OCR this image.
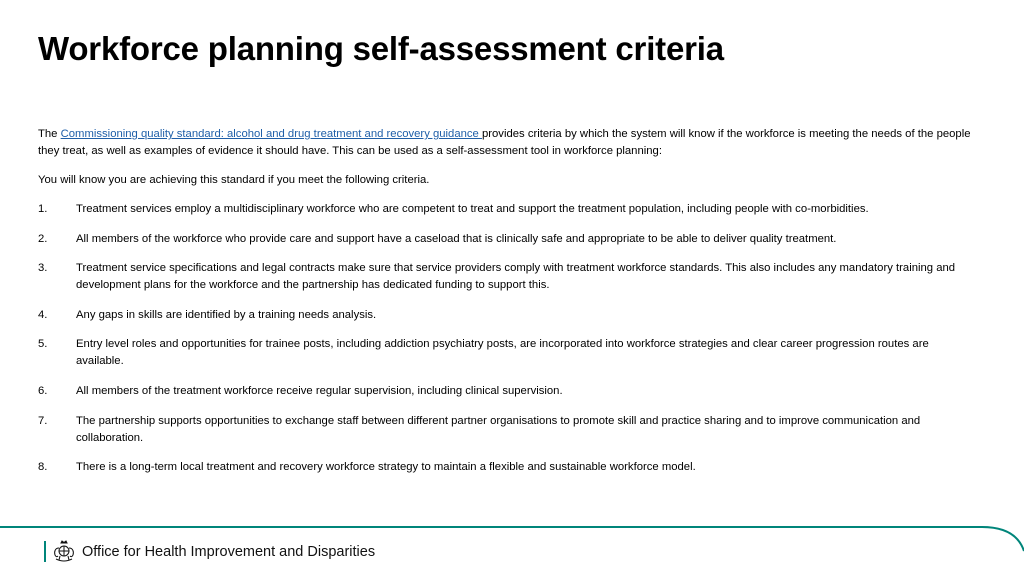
Workforce planning self-assessment criteria

The Commissioning quality standard: alcohol and drug treatment and recovery guidance provides criteria by which the system will know if the workforce is meeting the needs of the people they treat, as well as examples of evidence it should have. This can be used as a self-assessment tool in workforce planning:

You will know you are achieving this standard if you meet the following criteria.

1.	Treatment services employ a multidisciplinary workforce who are competent to treat and support the treatment population, including people with co-morbidities.
2.	All members of the workforce who provide care and support have a caseload that is clinically safe and appropriate to be able to deliver quality treatment.
3.	Treatment service specifications and legal contracts make sure that service providers comply with treatment workforce standards. This also includes any mandatory training and development plans for the workforce and the partnership has dedicated funding to support this.
4.	Any gaps in skills are identified by a training needs analysis.
5.	Entry level roles and opportunities for trainee posts, including addiction psychiatry posts, are incorporated into workforce strategies and clear career progression routes are available.
6.	All members of the treatment workforce receive regular supervision, including clinical supervision.
7.	The partnership supports opportunities to exchange staff between different partner organisations to promote skill and practice sharing and to improve communication and collaboration.
8.	There is a long-term local treatment and recovery workforce strategy to maintain a flexible and sustainable workforce model.
Office for Health Improvement and Disparities
